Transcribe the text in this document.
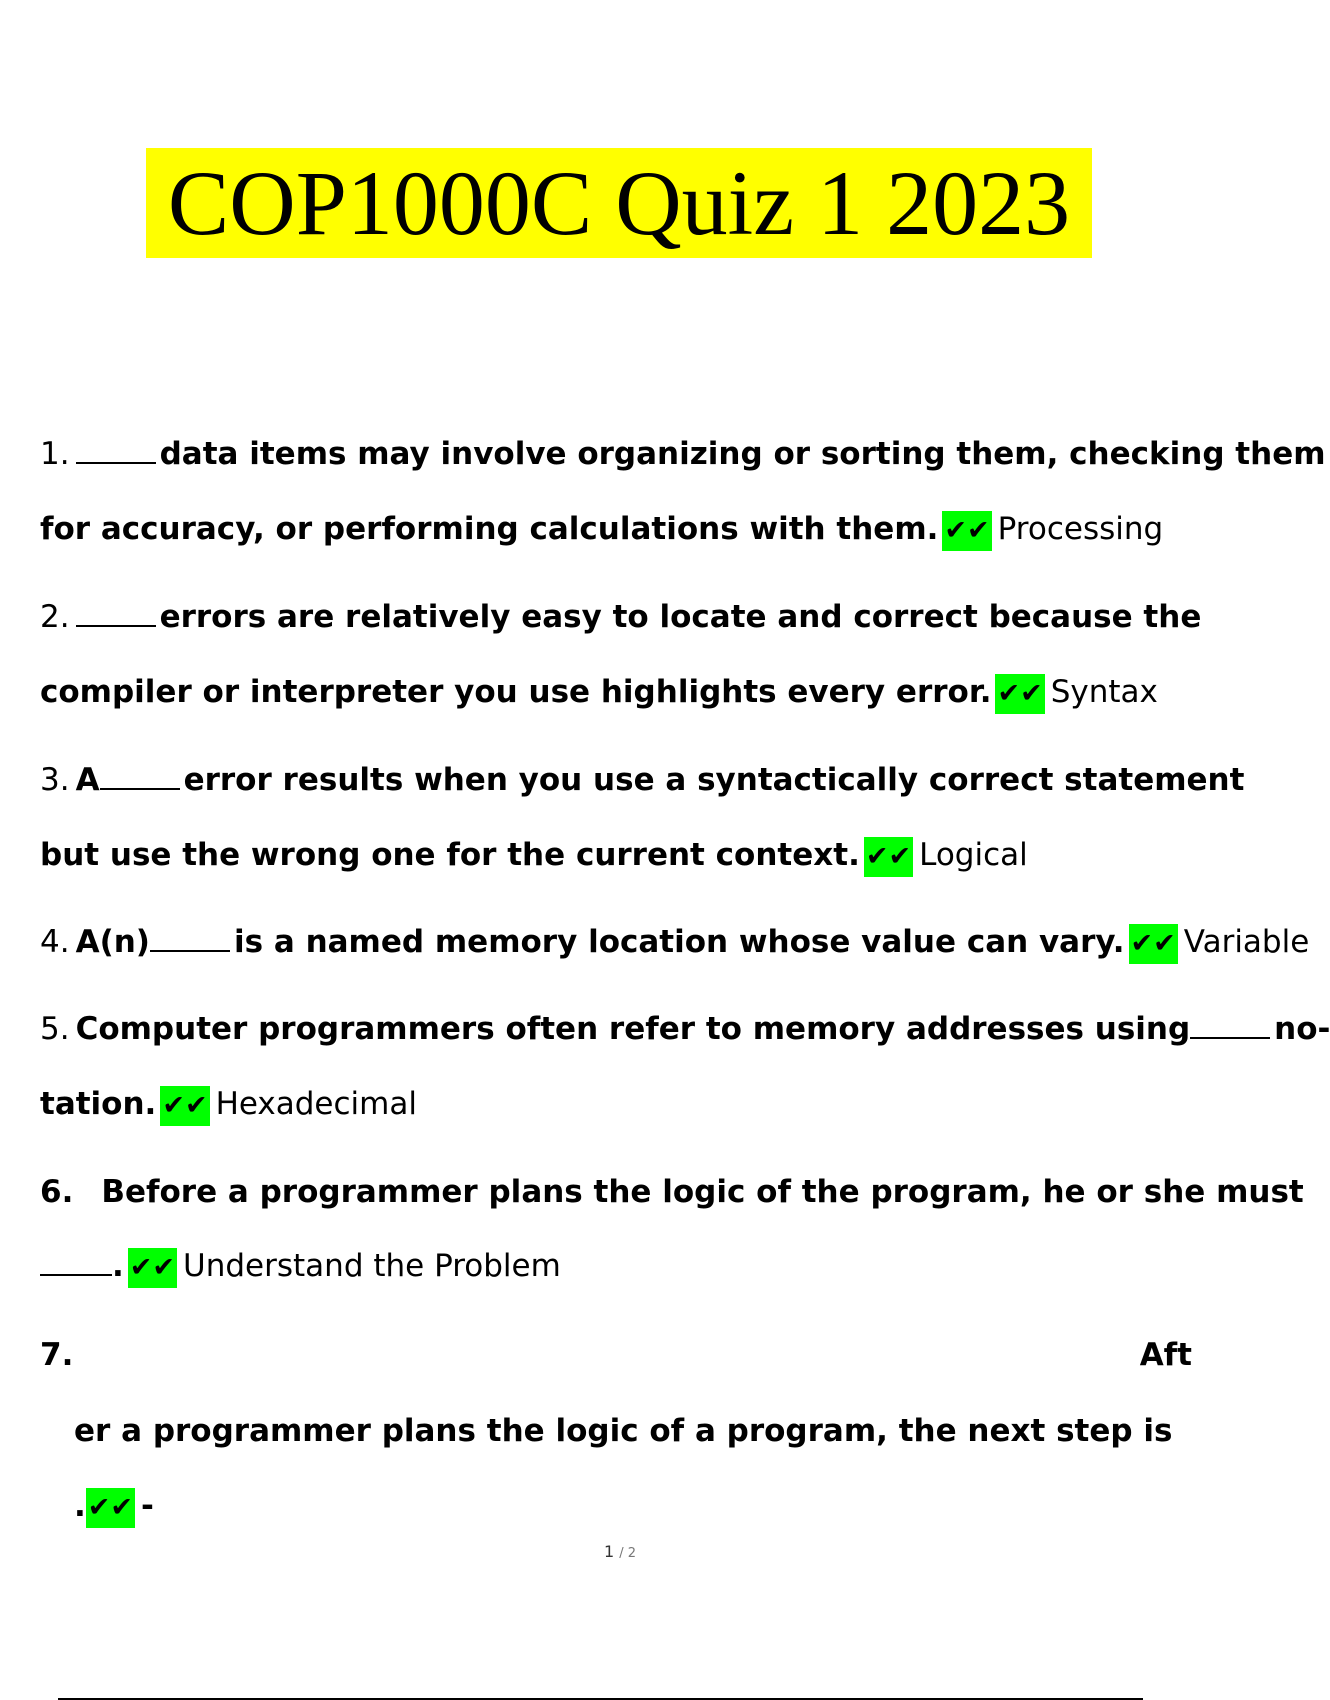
COP1000C Quiz 1 2023
1.	data items may involve organizing or sorting them, checking them
for accuracy, or performing calculations with them. ✔✔ Processing
2.	errors are relatively easy to locate and correct because the
compiler or interpreter you use highlights every error. ✔✔ Syntax
3. A	error results when you use a syntactically correct statement
but use the wrong one for the current context. ✔✔ Logical
4. A(n)	is a named memory location whose value can vary. ✔✔ Variable
5. Computer programmers often refer to memory addresses using	no-
tation. ✔✔ Hexadecimal
6. Before a programmer plans the logic of the program, he or she must
. ✔✔ Understand the Problem
7.	Aft
er a programmer plans the logic of a program, the next step is
.✔✔ -
1 / 2
